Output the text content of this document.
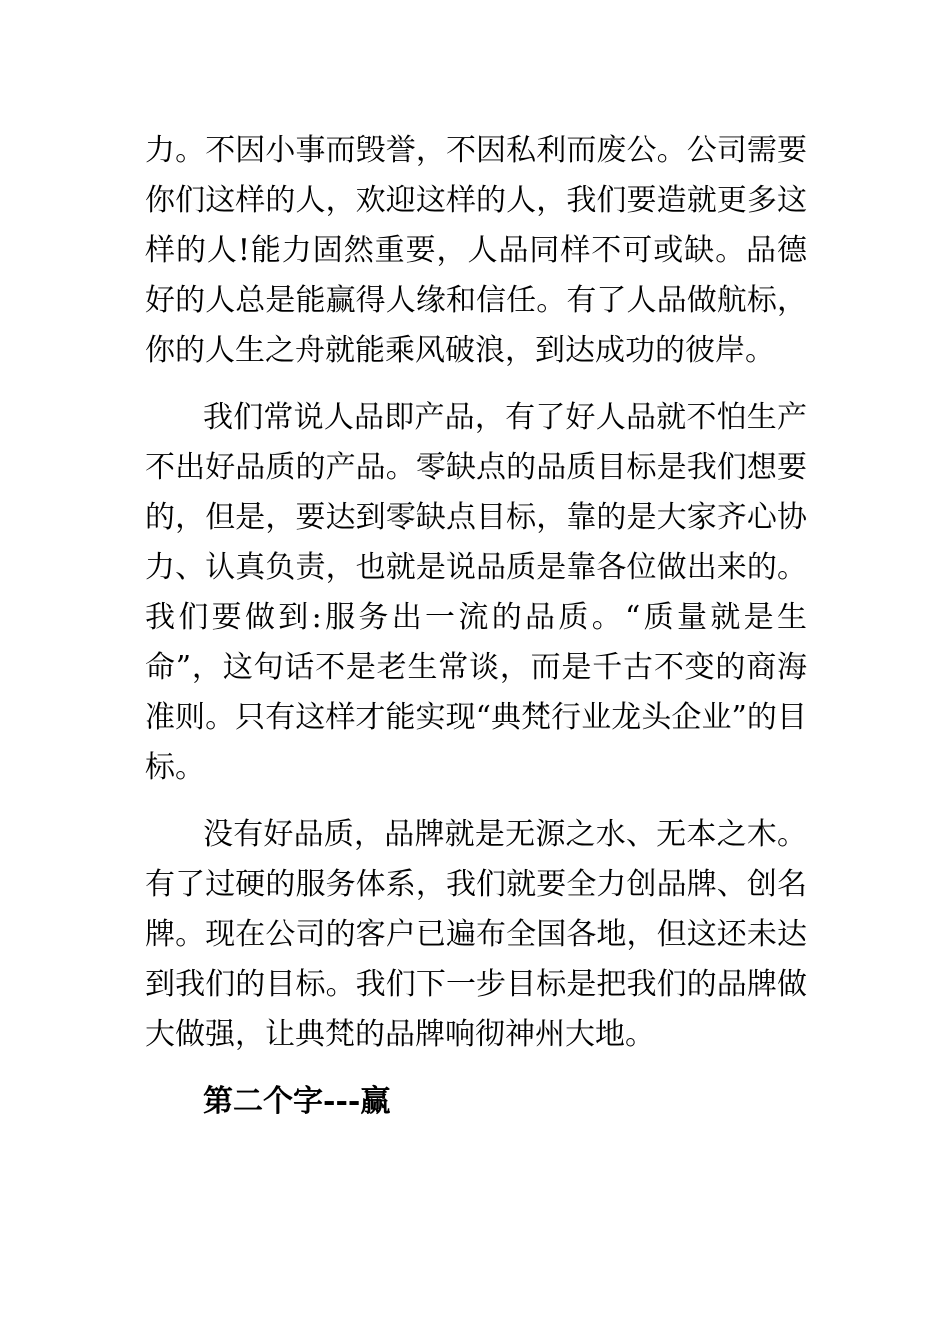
力。不因小事而毁誉，不因私利而废公。公司需要你们这样的人，欢迎这样的人，我们要造就更多这样的人!能力固然重要，人品同样不可或缺。品德好的人总是能赢得人缘和信任。有了人品做航标，你的人生之舟就能乘风破浪，到达成功的彼岸。

我们常说人品即产品，有了好人品就不怕生产不出好品质的产品。零缺点的品质目标是我们想要的，但是，要达到零缺点目标，靠的是大家齐心协力、认真负责，也就是说品质是靠各位做出来的。我们要做到:服务出一流的品质。“质量就是生命”，这句话不是老生常谈，而是千古不变的商海准则。只有这样才能实现“典梵行业龙头企业”的目标。

没有好品质，品牌就是无源之水、无本之木。有了过硬的服务体系，我们就要全力创品牌、创名牌。现在公司的客户已遍布全国各地，但这还未达到我们的目标。我们下一步目标是把我们的品牌做大做强，让典梵的品牌响彻神州大地。

第二个字---赢
